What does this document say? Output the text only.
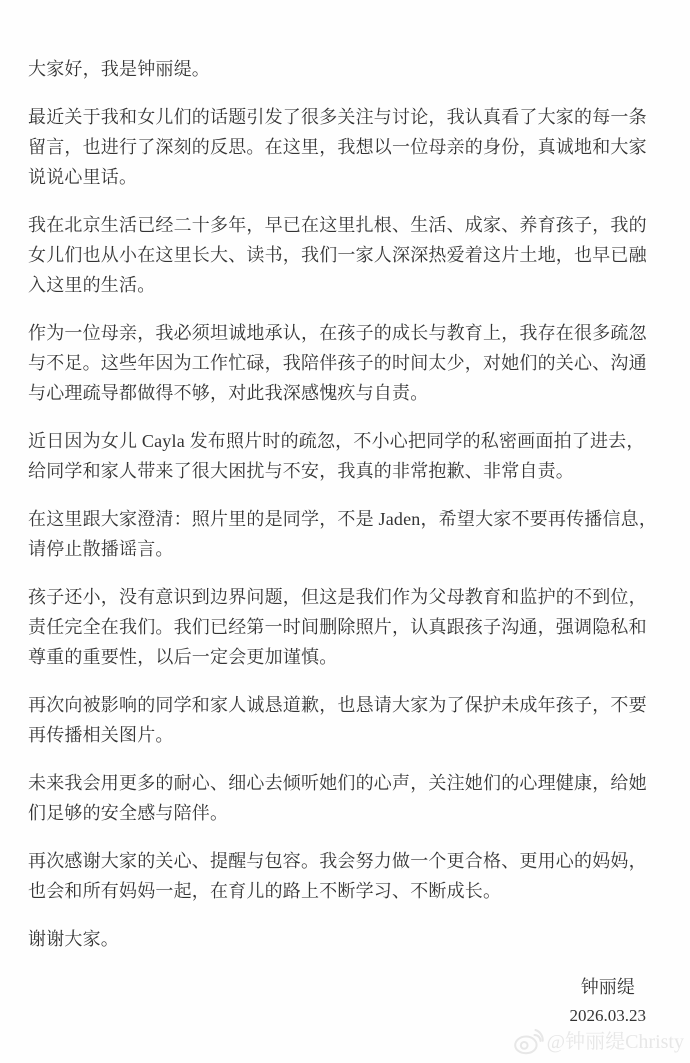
大家好，我是钟丽缇。

最近关于我和女儿们的话题引发了很多关注与讨论，我认真看了大家的每一条留言，也进行了深刻的反思。在这里，我想以一位母亲的身份，真诚地和大家说说心里话。

我在北京生活已经二十多年，早已在这里扎根、生活、成家、养育孩子，我的女儿们也从小在这里长大、读书，我们一家人深深热爱着这片土地，也早已融入这里的生活。

作为一位母亲，我必须坦诚地承认，在孩子的成长与教育上，我存在很多疏忽与不足。这些年因为工作忙碌，我陪伴孩子的时间太少，对她们的关心、沟通与心理疏导都做得不够，对此我深感愧疚与自责。

近日因为女儿 Cayla 发布照片时的疏忽，不小心把同学的私密画面拍了进去，给同学和家人带来了很大困扰与不安，我真的非常抱歉、非常自责。

在这里跟大家澄清：照片里的是同学，不是 Jaden，希望大家不要再传播信息，请停止散播谣言。

孩子还小，没有意识到边界问题，但这是我们作为父母教育和监护的不到位，责任完全在我们。我们已经第一时间删除照片，认真跟孩子沟通，强调隐私和尊重的重要性，以后一定会更加谨慎。

再次向被影响的同学和家人诚恳道歉，也恳请大家为了保护未成年孩子，不要再传播相关图片。

未来我会用更多的耐心、细心去倾听她们的心声，关注她们的心理健康，给她们足够的安全感与陪伴。

再次感谢大家的关心、提醒与包容。我会努力做一个更合格、更用心的妈妈，也会和所有妈妈一起，在育儿的路上不断学习、不断成长。

谢谢大家。

钟丽缇
2026.03.23
@钟丽缇Christy
